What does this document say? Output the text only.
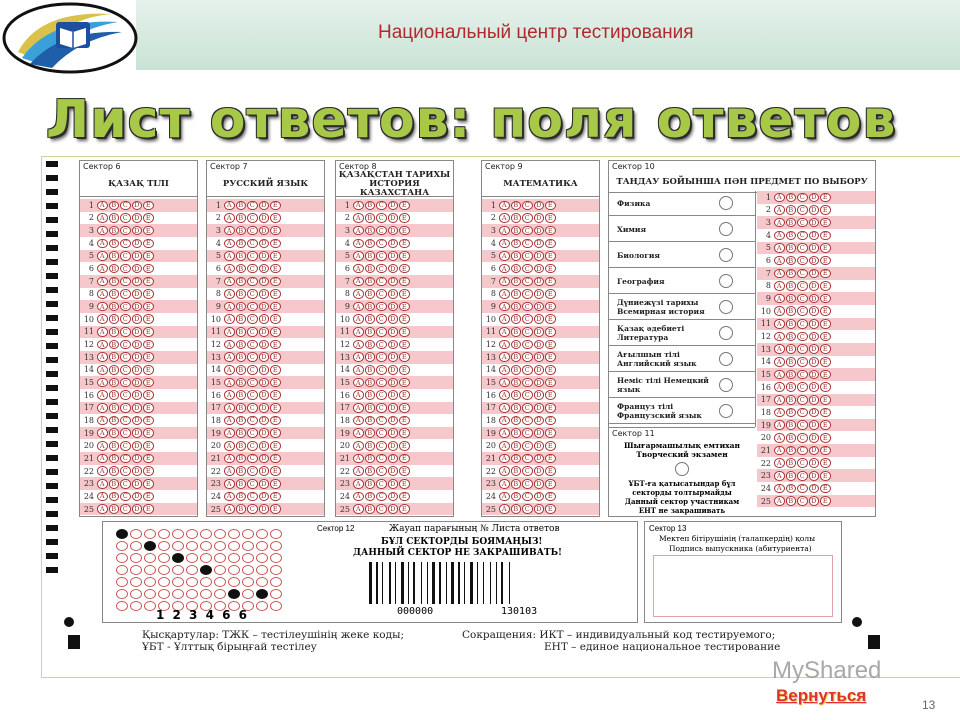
Национальный центр тестирования
Лист ответов: поля ответов
Сектор 6
ҚАЗАҚ ТІЛІ
1 A	B	C D	E
2 A	B	C D	E
3 A	B	C D	E
4 A	B	C D	E
5 A	B	C D	E
6 A	B	C D	E
7 A	B	C D	E
8 A	B	C D	E
9 A	B	C D	E
10 A	B	C D	E
11 A	B	C D	E
12 A	B	C D	E
13 A	B	C D	E
14 A	B	C D	E
15 A	B	C D	E
16 A	B	C D	E
17 A	B	C D	E
18 A	B	C D	E
19 A	B	C D	E
20 A	B	C D	E
21 A	B	C D	E
22 A	B	C D	E
23 A	B	C D	E
24 A	B	C D	E
25 A	B	C D	E
Сектор 7
РУССКИЙ ЯЗЫК
1 A	B	C D	E
2 A	B	C D	E
3 A	B	C D	E
4 A	B	C D	E
5 A	B	C D	E
6 A	B	C D	E
7 A	B	C D	E
8 A	B	C D	E
9 A	B	C D	E
10 A	B	C D	E
11 A	B	C D	E
12 A	B	C D	E
13 A	B	C D	E
14 A	B	C D	E
15 A	B	C D	E
16 A	B	C D	E
17 A	B	C D	E
18 A	B	C D	E
19 A	B	C D	E
20 A	B	C D	E
21 A	B	C D	E
22 A	B	C D	E
23 A	B	C D	E
24 A	B	C D	E
25 A	B	C D	E
Сектор 8
ҚАЗАҚСТАН ТАРИХЫ ИСТОРИЯ КАЗАХСТАНА
1 A	B	C D	E
2 A	B	C D	E
3 A	B	C D	E
4 A	B	C D	E
5 A	B	C D	E
6 A	B	C D	E
7 A	B	C D	E
8 A	B	C D	E
9 A	B	C D	E
10 A	B	C D	E
11 A	B	C D	E
12 A	B	C D	E
13 A	B	C D	E
14 A	B	C D	E
15 A	B	C D	E
16 A	B	C D	E
17 A	B	C D	E
18 A	B	C D	E
19 A	B	C D	E
20 A	B	C D	E
21 A	B	C D	E
22 A	B	C D	E
23 A	B	C D	E
24 A	B	C D	E
25 A	B	C D	E
Сектор 9
МАТЕМАТИКА
1 A	B	C D	E
2 A	B	C D	E
3 A	B	C D	E
4 A	B	C D	E
5 A	B	C D	E
6 A	B	C D	E
7 A	B	C D	E
8 A	B	C D	E
9 A	B	C D	E
10 A	B	C D	E
11 A	B	C D	E
12 A	B	C D	E
13 A	B	C D	E
14 A	B	C D	E
15 A	B	C D	E
16 A	B	C D	E
17 A	B	C D	E
18 A	B	C D	E
19 A	B	C D	E
20 A	B	C D	E
21 A	B	C D	E
22 A	B	C D	E
23 A	B	C D	E
24 A	B	C D	E
25 A	B	C D	E
Сектор 10
ТАҢДАУ БОЙЫНША ПӘН ПРЕДМЕТ ПО ВЫБОРУ
Физика
Химия
Биология
География
Дүниежүзі тарихы Всемирная история
Қазақ әдебиеті Литература
Ағылшын тілі Английский язык
Неміс тілі Немецкий язык
Француз тілі Французский язык
1 A	B	C D	E
2 A	B	C D	E
3 A	B	C D	E
4 A	B	C D	E
5 A	B	C D	E
6 A	B	C D	E
7 A	B	C D	E
8 A	B	C D	E
9 A	B	C D	E
10 A	B	C D	E
11 A	B	C D	E
12 A	B	C D	E
13 A	B	C D	E
14 A	B	C D	E
15 A	B	C D	E
16 A	B	C D	E
17 A	B	C D	E
18 A	B	C D	E
19 A	B	C D	E
20 A	B	C D	E
21 A	B	C D	E
22 A	B	C D	E
23 A	B	C D	E
24 A	B	C D	E
25 A	B	C D	E
Сектор 11
Шығармашылық емтихан Творческий экзамен
ҰБТ-ға қатысатындар бұл секторды толтырмайды
Данный сектор участникам ЕНТ не закрашивать
1 2 3 4 6 6
Сектор 12	Жауап парағының № Листа ответов
БҰЛ СЕКТОРДЫ БОЯМАҢЫЗ!
ДАННЫЙ СЕКТОР НЕ ЗАКРАШИВАТЬ!
000000	130103
Сектор 13
Мектеп бітірушінің (талапкердің) қолы
Подпись выпускника (абитуриента)
Қысқартулар: ТЖК – тестілеушінің жеке коды;
ҰБТ - Ұлттық бірыңғай тестілеу
Сокращения: ИКТ – индивидуальный код тестируемого;
ЕНТ – единое национальное тестирование
MyShared
Вернуться	13
